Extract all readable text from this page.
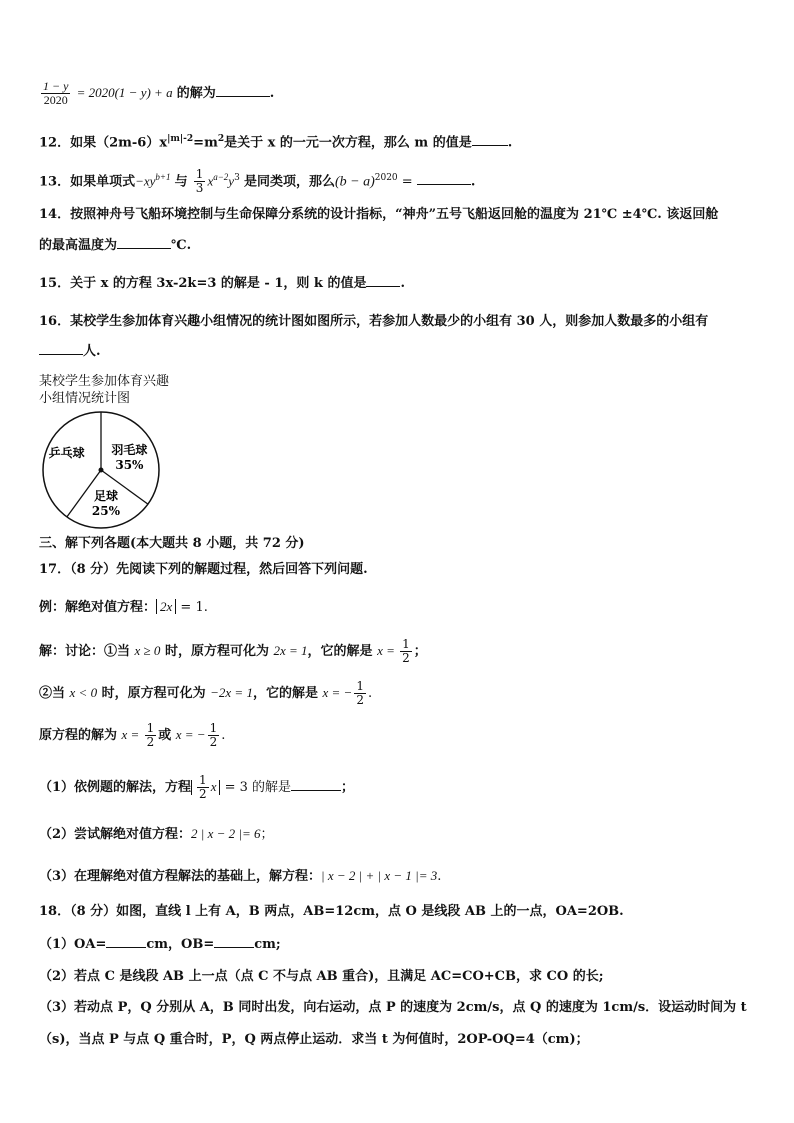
$\frac{1 - y}{2020} = 2020(1 - y) + a$ 的解为	.
12．如果$(2m-6)x^{|m|-2}=m^2$是关于 x 的一元一次方程，那么 m 的值是	.
13．如果单项式$-xy^{b+1}$ 与 $\frac{1}{3} x^{a-2}y^3$ 是同类项，那么$(b - a)^{2020}$ =	.
14．按照神舟号飞船环境控制与生命保障分系统的设计指标，“神舟”五号飞船返回舱的温度为 21℃ ±4℃. 该返回舱
的最高温度为	℃.
15．关于 x 的方程 3x-2k=3 的解是 - 1，则 k 的值是	.
16．某校学生参加体育兴趣小组情况的统计图如图所示，若参加人数最少的小组有 30 人，则参加人数最多的小组有
人.
某校学生参加体育兴趣
小组情况统计图
乒乓球 羽毛球
35%
足球
25%
三、解下列各题(本大题共 8 小题，共 72 分)
17．（8 分）先阅读下列的解题过程，然后回答下列问题.
例：解绝对值方程： 2x = 1.
解：讨论：①当 x ≥ 0 时，原方程可化为 2x = 1，它的解是 $x = \frac{1}{2}$ ；
②当 x < 0 时，原方程可化为 −2x = 1，它的解是 x = − $\frac{1}{2}$ .
原方程的解为 $x = \frac{1}{2}$ 或 x = − $\frac{1}{2}$ .
（1）依例题的解法，方程 $\frac{1}{2}$ x = 3 的解是	；
（2）尝试解绝对值方程：2 | x − 2 |= 6；
（3）在理解绝对值方程解法的基础上，解方程：| x − 2 | + | x − 1 |= 3.
18．（8 分）如图，直线 l 上有 A，B 两点，AB=12cm，点 O 是线段 AB 上的一点，OA=2OB.
（1）OA=	cm，OB=	cm;
（2）若点 C 是线段 AB 上一点（点 C 不与点 AB 重合)，且满足 AC=CO+CB，求 CO 的长;
（3）若动点 P，Q 分别从 A，B 同时出发，向右运动，点 P 的速度为 2cm/s，点 Q 的速度为 1cm/s．设运动时间为 t
（s)，当点 P 与点 Q 重合时，P，Q 两点停止运动．求当 t 为何值时，2OP-OQ=4（cm)；
